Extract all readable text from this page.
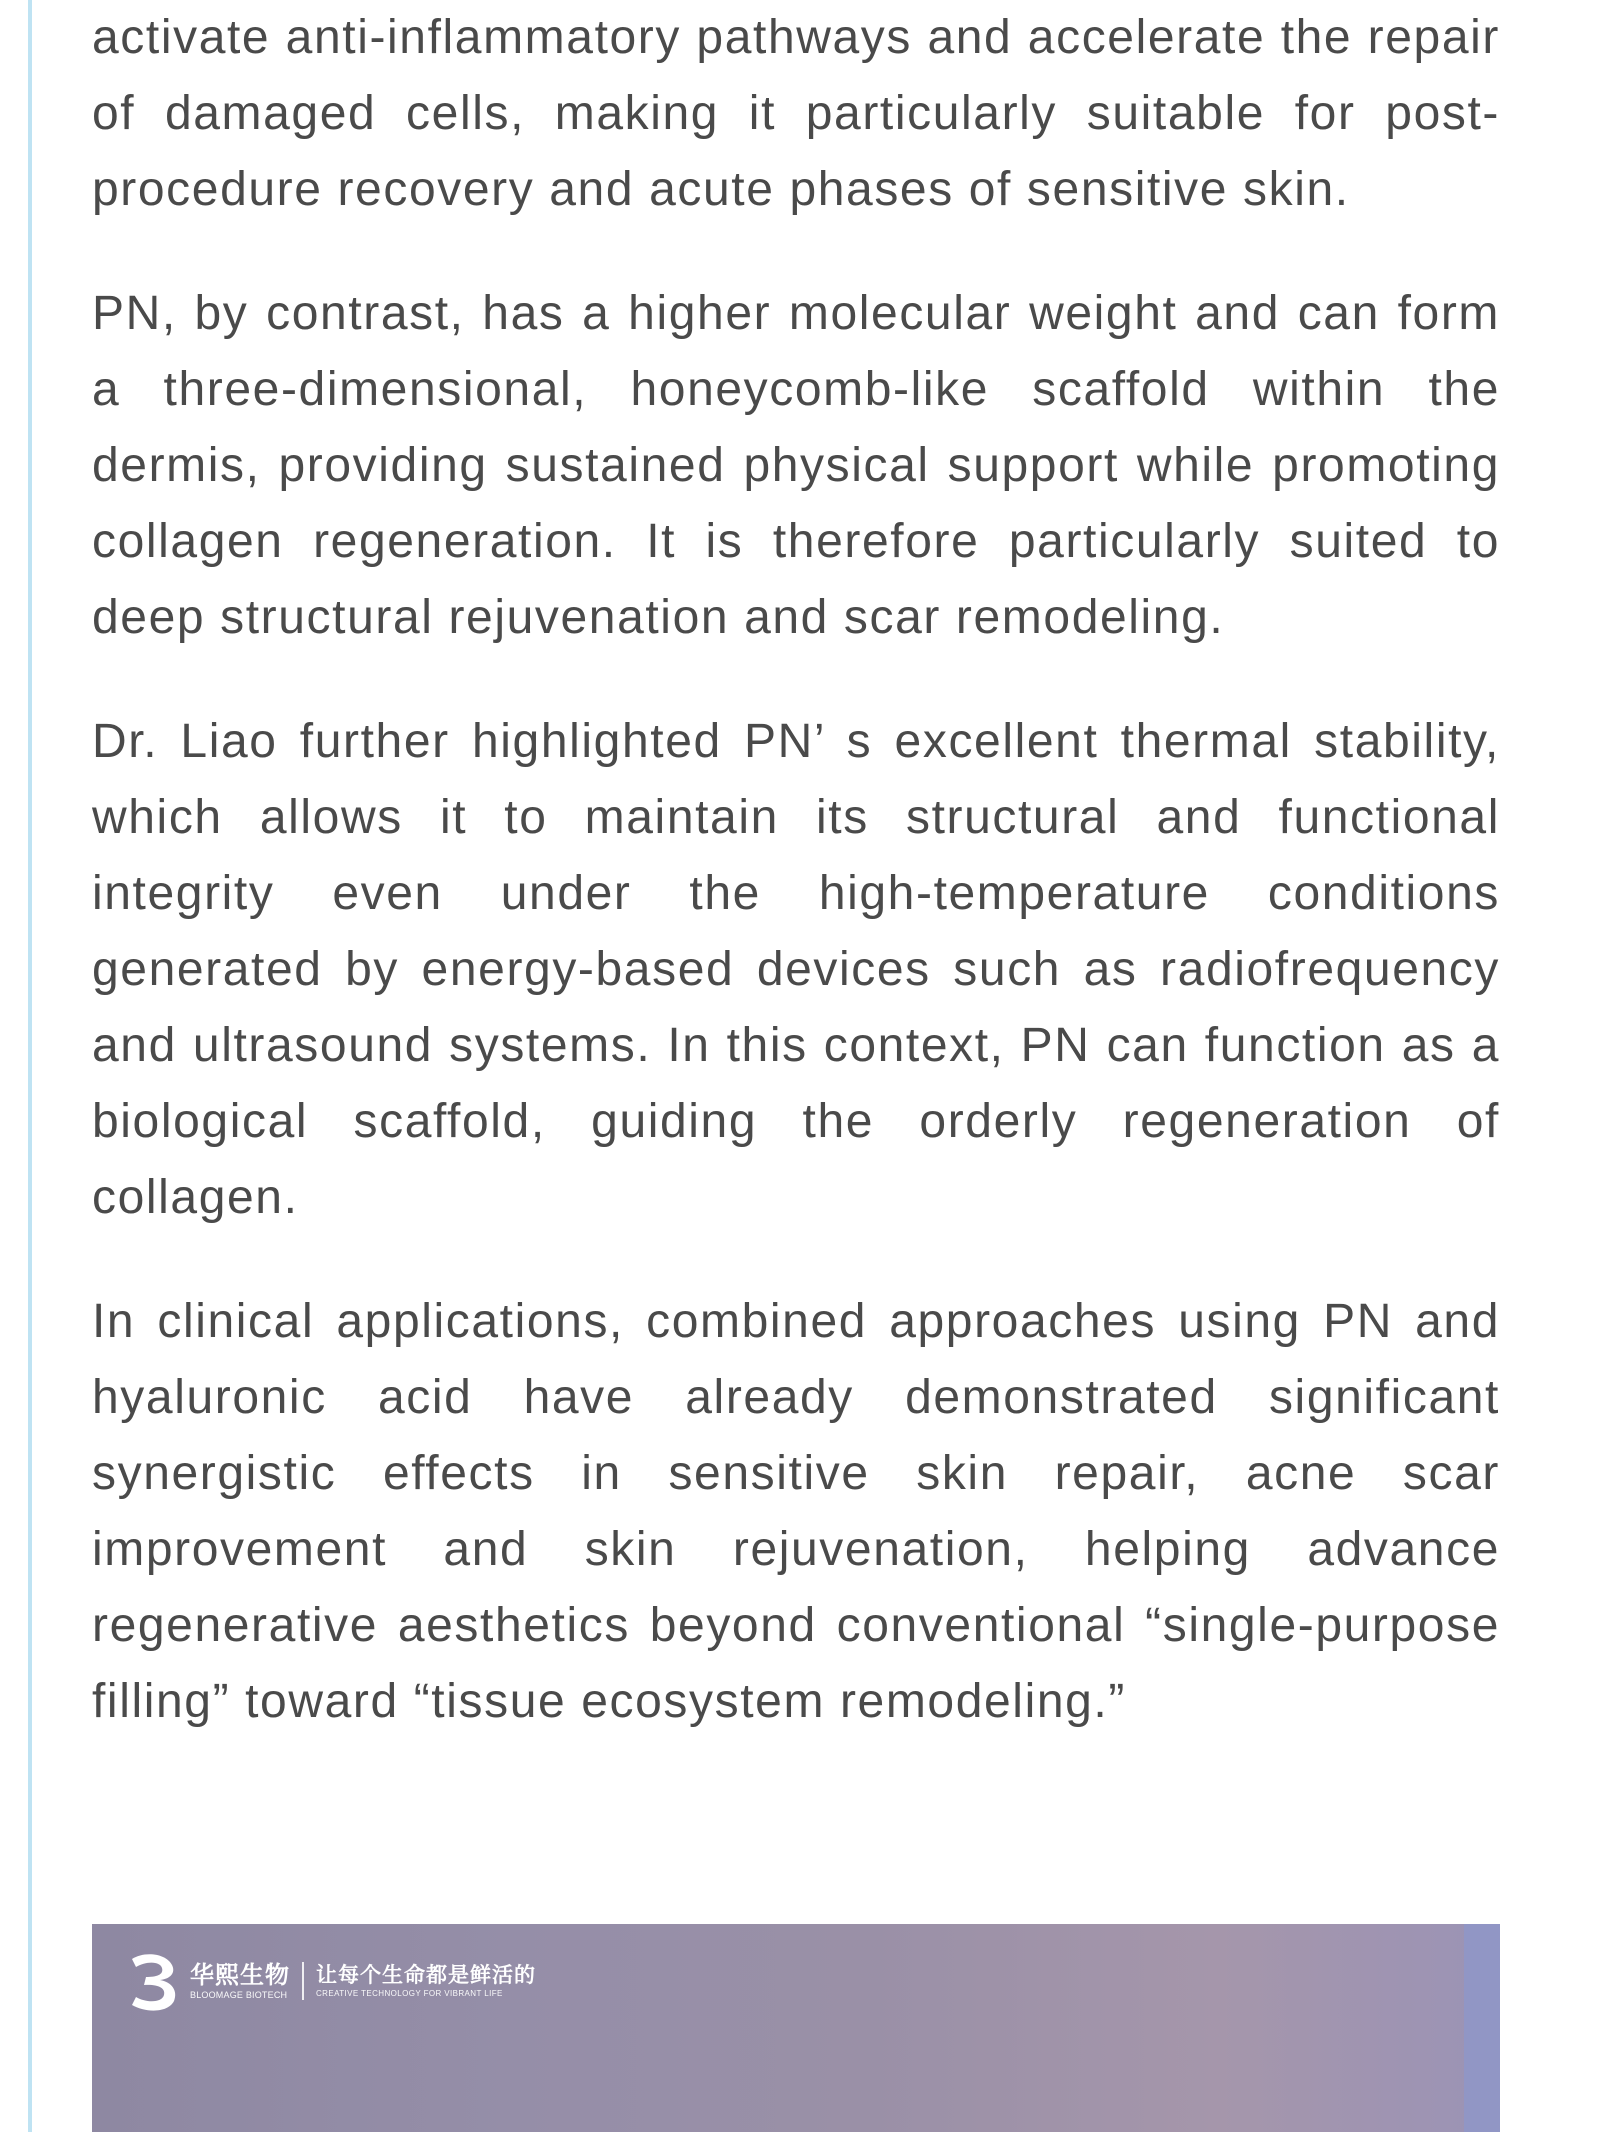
activate anti-inflammatory pathways and accelerate the repair of damaged cells, making it particularly suitable for post-procedure recovery and acute phases of sensitive skin.

PN, by contrast, has a higher molecular weight and can form a three-dimensional, honeycomb-like scaffold within the dermis, providing sustained physical support while promoting collagen regeneration. It is therefore particularly suited to deep structural rejuvenation and scar remodeling.

Dr. Liao further highlighted PN’ s excellent thermal stability, which allows it to maintain its structural and functional integrity even under the high-temperature conditions generated by energy-based devices such as radiofrequency and ultrasound systems. In this context, PN can function as a biological scaffold, guiding the orderly regeneration of collagen.

In clinical applications, combined approaches using PN and hyaluronic acid have already demonstrated significant synergistic effects in sensitive skin repair, acne scar improvement and skin rejuvenation, helping advance regenerative aesthetics beyond conventional “single-purpose filling” toward “tissue ecosystem remodeling.”

华熙生物
BLOOMAGE BIOTECH
让每个生命都是鲜活的
CREATIVE TECHNOLOGY FOR VIBRANT LIFE
